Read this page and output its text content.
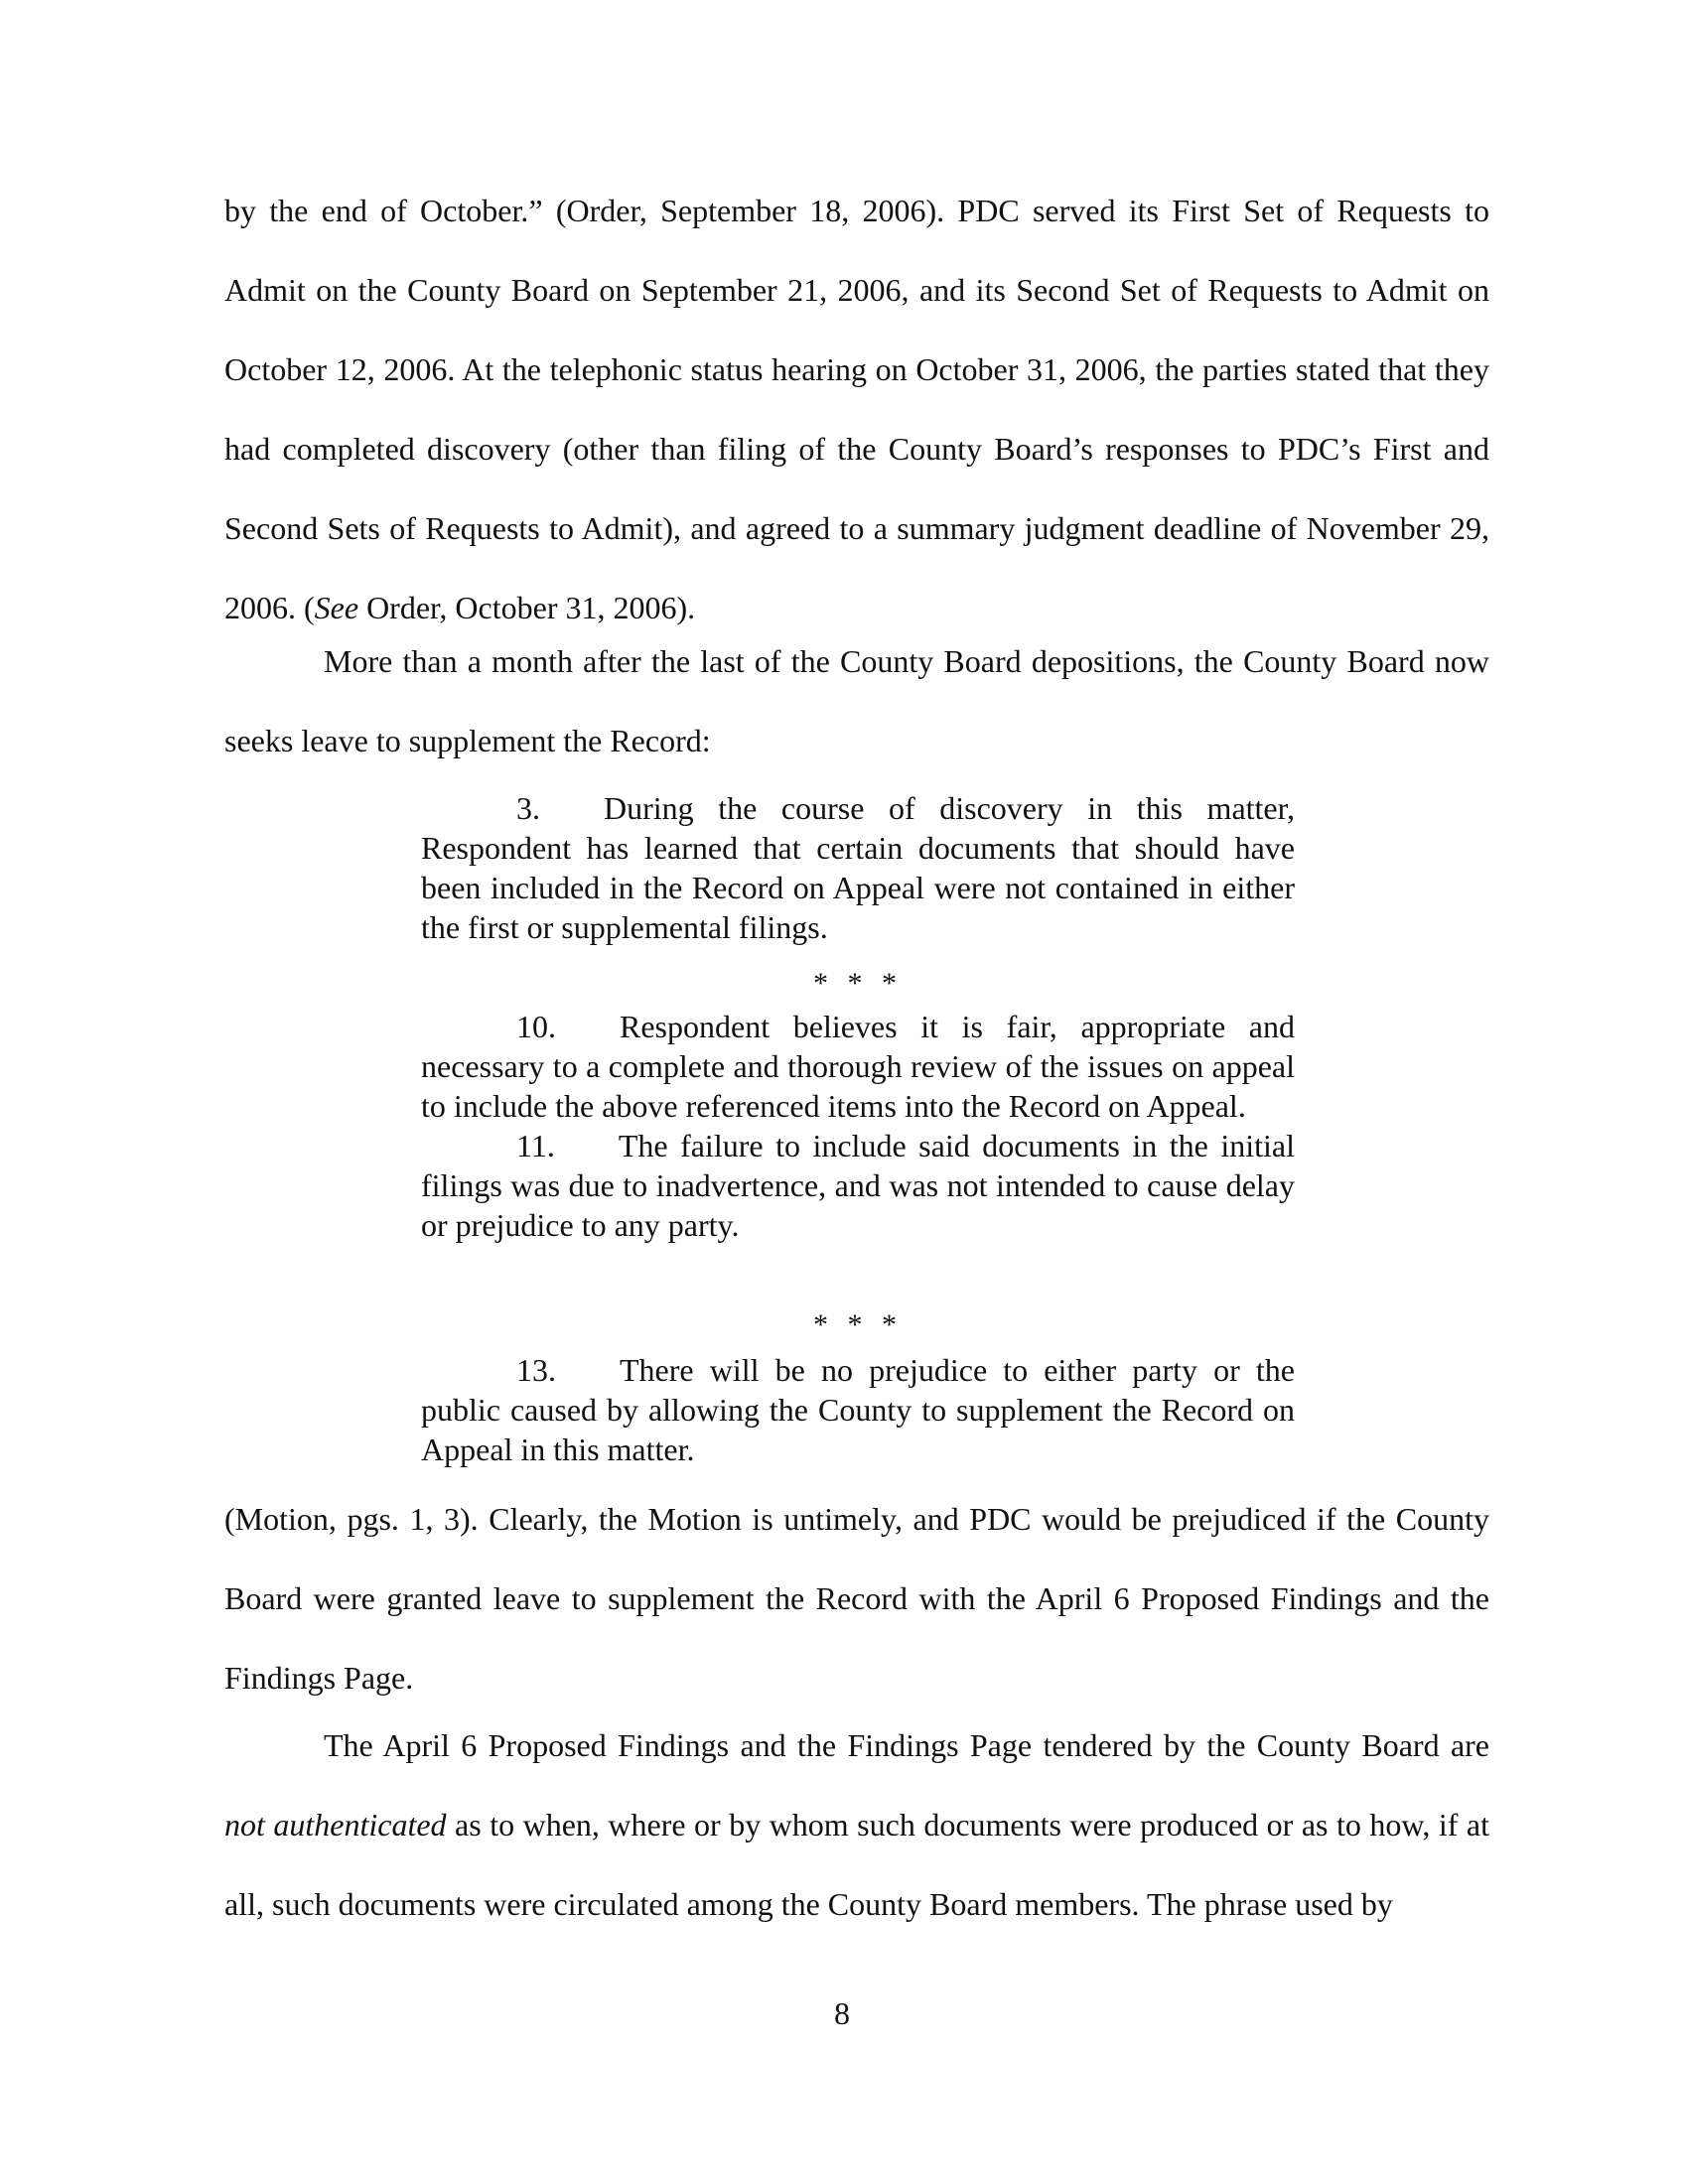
by the end of October.” (Order, September 18, 2006). PDC served its First Set of Requests to Admit on the County Board on September 21, 2006, and its Second Set of Requests to Admit on October 12, 2006. At the telephonic status hearing on October 31, 2006, the parties stated that they had completed discovery (other than filing of the County Board’s responses to PDC’s First and Second Sets of Requests to Admit), and agreed to a summary judgment deadline of November 29, 2006. (See Order, October 31, 2006).

More than a month after the last of the County Board depositions, the County Board now seeks leave to supplement the Record:

3.  During the course of discovery in this matter, Respondent has learned that certain documents that should have been included in the Record on Appeal were not contained in either the first or supplemental filings.

* * *

10.  Respondent believes it is fair, appropriate and necessary to a complete and thorough review of the issues on appeal to include the above referenced items into the Record on Appeal.

11.  The failure to include said documents in the initial filings was due to inadvertence, and was not intended to cause delay or prejudice to any party.

* * *

13.  There will be no prejudice to either party or the public caused by allowing the County to supplement the Record on Appeal in this matter.

(Motion, pgs. 1, 3). Clearly, the Motion is untimely, and PDC would be prejudiced if the County Board were granted leave to supplement the Record with the April 6 Proposed Findings and the Findings Page.

The April 6 Proposed Findings and the Findings Page tendered by the County Board are not authenticated as to when, where or by whom such documents were produced or as to how, if at all, such documents were circulated among the County Board members. The phrase used by

8
